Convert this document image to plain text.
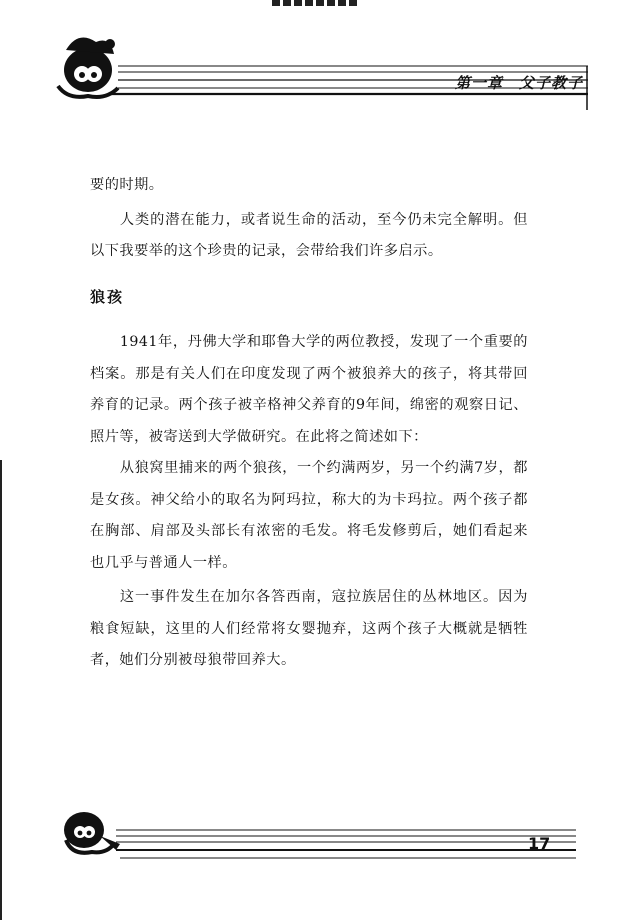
第一章　父子教子

要的时期。

人类的潜在能力，或者说生命的活动，至今仍未完全解明。但以下我要举的这个珍贵的记录，会带给我们许多启示。

狼孩

1941年，丹佛大学和耶鲁大学的两位教授，发现了一个重要的档案。那是有关人们在印度发现了两个被狼养大的孩子，将其带回养育的记录。两个孩子被辛格神父养育的9年间，绵密的观察日记、照片等，被寄送到大学做研究。在此将之简述如下：

从狼窝里捕来的两个狼孩，一个约满两岁，另一个约满7岁，都是女孩。神父给小的取名为阿玛拉，称大的为卡玛拉。两个孩子都在胸部、肩部及头部长有浓密的毛发。将毛发修剪后，她们看起来也几乎与普通人一样。

这一事件发生在加尔各答西南，寇拉族居住的丛林地区。因为粮食短缺，这里的人们经常将女婴抛弃，这两个孩子大概就是牺牲者，她们分别被母狼带回养大。

17
